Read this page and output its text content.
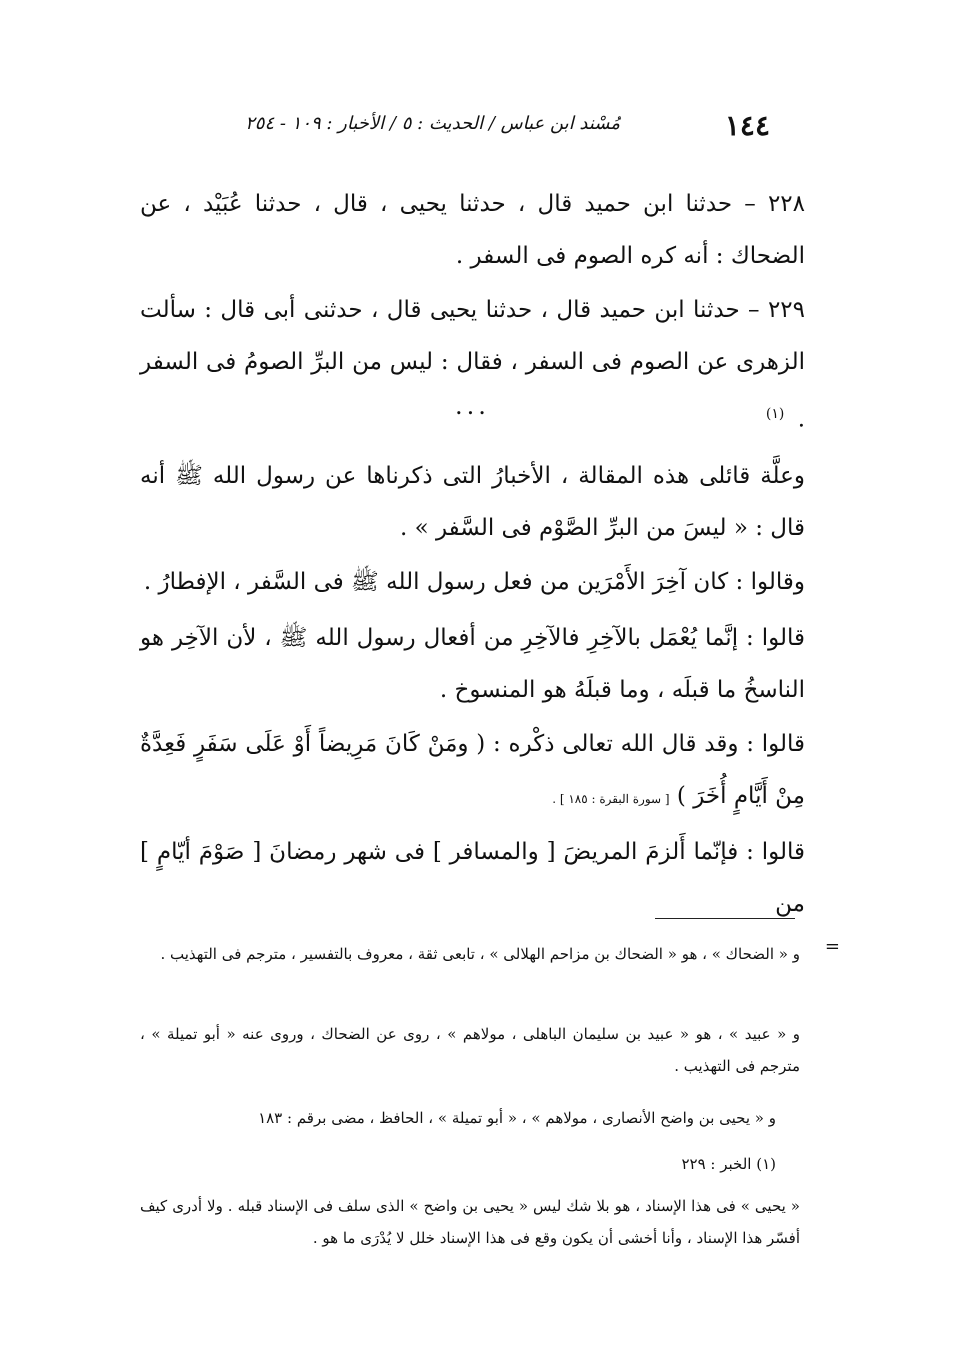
١٤٤
مُسْند ابن عباس / الحديث : ٥ / الأخبار : ١٠٩ - ٢٥٤

٢٢٨ – حدثنا ابن حميد قال ، حدثنا يحيى ، قال ، حدثنا عُبَيْد ، عن الضحاك : أنه كره الصوم فى السفر .

٢٢٩ – حدثنا ابن حميد قال ، حدثنا يحيى قال ، حدثنى أبى قال : سألت الزهرى عن الصوم فى السفر ، فقال : ليس من البرِّ الصومُ فى السفر . $^{(١)}$

...

وعلَّة قائلى هذه المقالة ، الأخبارُ التى ذكرناها عن رسول الله ﷺ أنه قال : « ليسَ من البرِّ الصَّوْم فى السَّفر » .

وقالوا : كان آخِرَ الأَمْرَين من فعل رسول الله ﷺ فى السَّفر ، الإفطارُ .

قالوا : إنَّما يُعْمَل بالآخِرِ فالآخِرِ من أفعال رسول الله ﷺ ، لأن الآخِر هو الناسخُ ما قبلَه ، وما قبلَهُ هو المنسوخ .

قالوا : وقد قال الله تعالى ذكْره : ( ومَنْ كَانَ مَرِيضاً أَوْ عَلَى سَفَرٍ فَعِدَّةٌ مِنْ أَيَّامٍ أُخَرَ ) [ سورة البقرة : ١٨٥ ] .

قالوا : فإنّما أَلزمَ المريضَ [ والمسافر ] فى شهر رمضانَ [ صَوْمَ أيّامٍ ] من

=

و « الضحاك » ، هو « الضحاك بن مزاحم الهلالى » ، تابعى ثقة ، معروف بالتفسير ، مترجم فى التهذيب .

و « عبيد » ، هو « عبيد بن سليمان الباهلى ، مولاهم » ، روى عن الضحاك ، وروى عنه « أبو تميلة » ، مترجم فى التهذيب .

و « يحيى بن واضح الأنصارى ، مولاهم » ، « أبو تميلة » ، الحافظ ، مضى برقم : ١٨٣

(١) الخبر : ٢٢٩

« يحيى » فى هذا الإسناد ، هو بلا شك ليس « يحيى بن واضح » الذى سلف فى الإسناد قبله . ولا أدرى كيف أفسّر هذا الإسناد ، وأنا أخشى أن يكون وقع فى هذا الإسناد خلل لا يُدْرَى ما هو .
